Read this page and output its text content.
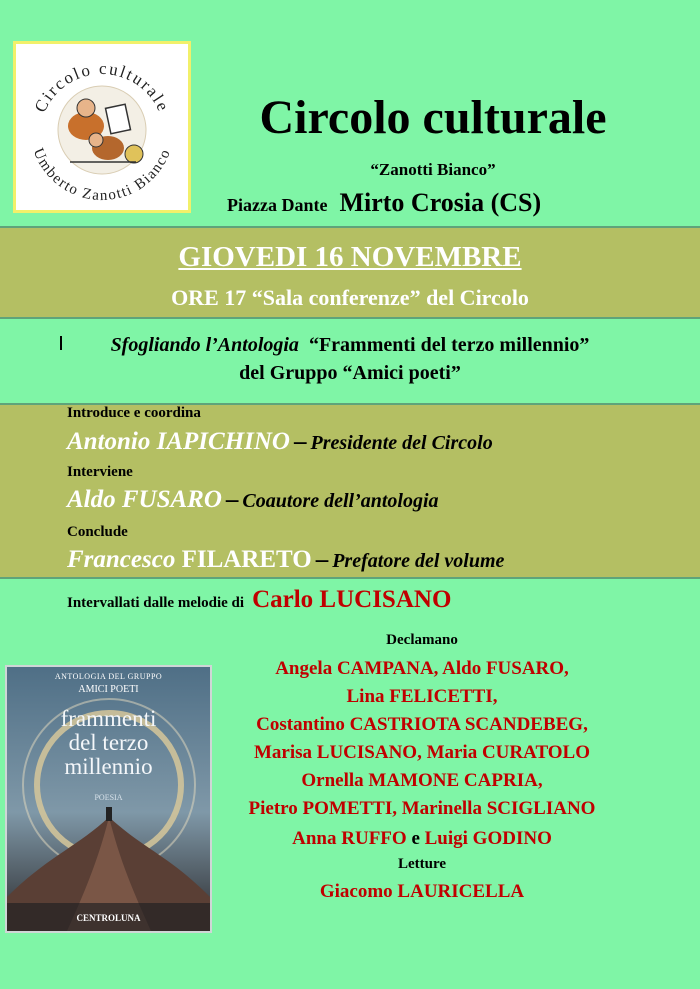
Circolo culturale
Umberto Zanotti Bianco
Circolo culturale
“Zanotti Bianco”
Piazza Dante Mirto Crosia (CS)
GIOVEDI 16 NOVEMBRE
ORE 17 “Sala conferenze” del Circolo
Sfogliando l’Antologia “Frammenti del terzo millennio”
del Gruppo “Amici poeti”
Introduce e coordina
Antonio IAPICHINO – Presidente del Circolo
Interviene
Aldo FUSARO – Coautore dell’antologia
Conclude
Francesco FILARETO – Prefatore del volume
Intervallati dalle melodie di Carlo LUCISANO
Declamano
Angela CAMPANA, Aldo FUSARO,
Lina FELICETTI,
Costantino CASTRIOTA SCANDEBEG,
Marisa LUCISANO, Maria CURATOLO
Ornella MAMONE CAPRIA,
Pietro POMETTI, Marinella SCIGLIANO
Anna RUFFO e Luigi GODINO
Letture
Giacomo LAURICELLA
ANTOLOGIA DEL GRUPPO
AMICI POETI
frammenti
del terzo
millennio
POESIA
CENTROLUNA
